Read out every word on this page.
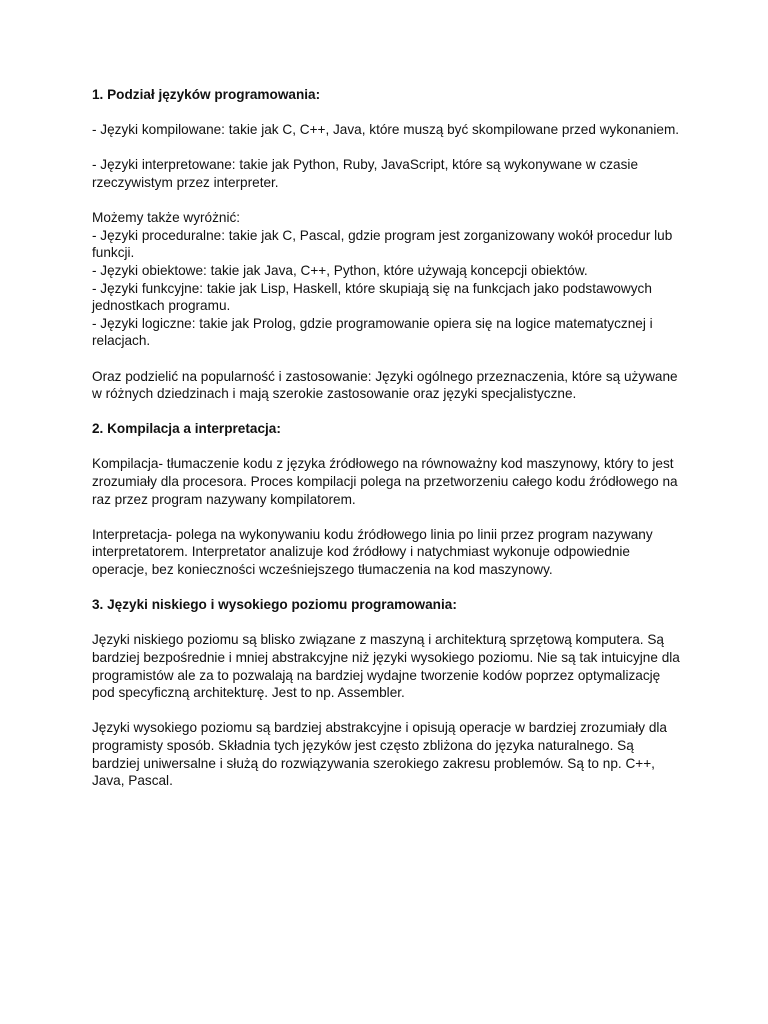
1. Podział języków programowania:

- Języki kompilowane: takie jak C, C++, Java, które muszą być skompilowane przed wykonaniem.

- Języki interpretowane: takie jak Python, Ruby, JavaScript, które są wykonywane w czasie rzeczywistym przez interpreter.

Możemy także wyróżnić:

- Języki proceduralne: takie jak C, Pascal, gdzie program jest zorganizowany wokół procedur lub funkcji.

- Języki obiektowe: takie jak Java, C++, Python, które używają koncepcji obiektów.

- Języki funkcyjne: takie jak Lisp, Haskell, które skupiają się na funkcjach jako podstawowych jednostkach programu.

- Języki logiczne: takie jak Prolog, gdzie programowanie opiera się na logice matematycznej i relacjach.

Oraz podzielić na popularność i zastosowanie: Języki ogólnego przeznaczenia, które są używane w różnych dziedzinach i mają szerokie zastosowanie oraz języki specjalistyczne.

2. Kompilacja a interpretacja:

Kompilacja- tłumaczenie kodu z języka źródłowego na równoważny kod maszynowy, który to jest zrozumiały dla procesora. Proces kompilacji polega na przetworzeniu całego kodu źródłowego na raz przez program nazywany kompilatorem.

Interpretacja- polega na wykonywaniu kodu źródłowego linia po linii przez program nazywany interpretatorem. Interpretator analizuje kod źródłowy i natychmiast wykonuje odpowiednie operacje, bez konieczności wcześniejszego tłumaczenia na kod maszynowy.

3. Języki niskiego i wysokiego poziomu programowania:

Języki niskiego poziomu są blisko związane z maszyną i architekturą sprzętową komputera. Są bardziej bezpośrednie i mniej abstrakcyjne niż języki wysokiego poziomu. Nie są tak intuicyjne dla programistów ale za to pozwalają na bardziej wydajne tworzenie kodów poprzez optymalizację pod specyficzną architekturę. Jest to np. Assembler.

Języki wysokiego poziomu są bardziej abstrakcyjne i opisują operacje w bardziej zrozumiały dla programisty sposób. Składnia tych języków jest często zbliżona do języka naturalnego. Są bardziej uniwersalne i służą do rozwiązywania szerokiego zakresu problemów. Są to np. C++, Java, Pascal.
